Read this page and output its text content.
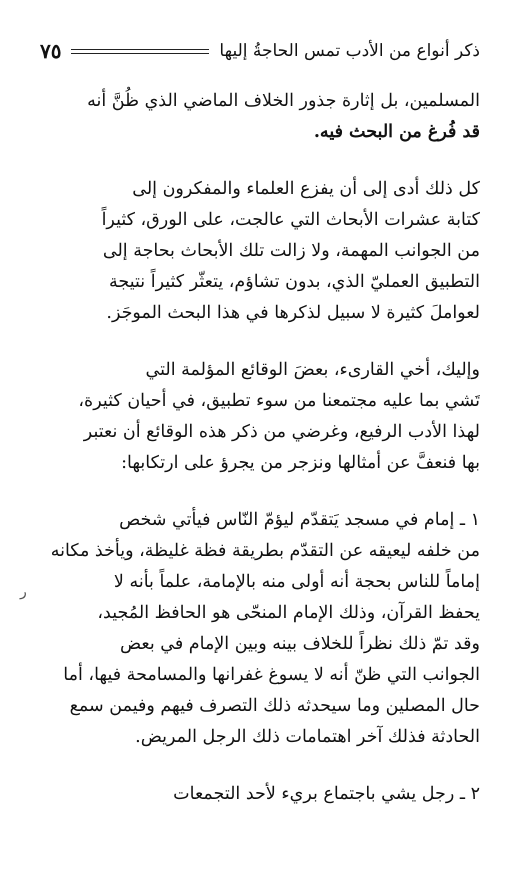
ذكر أنواع من الأدب تمس الحاجةُ إليها
٧٥
المسلمين، بل إثارة جذور الخلاف الماضي الذي ظُنَّ أنه
قد فُرغ من البحث فيه.
كل ذلك أدى إلى أن يفزع العلماء والمفكرون إلى
كتابة عشرات الأبحاث التي عالجت، على الورق، كثيراً
من الجوانب المهمة، ولا زالت تلك الأبحاث بحاجة إلى
التطبيق العمليّ الذي، بدون تشاؤم، يتعثّر كثيراً نتيجة
لعواملَ كثيرة لا سبيل لذكرها في هذا البحث الموجَز.
وإليك، أخي القارىء، بعضَ الوقائع المؤلمة التي
تَشي بما عليه مجتمعنا من سوء تطبيق، في أحيان كثيرة،
لهذا الأدب الرفيع، وغرضي من ذكر هذه الوقائع أن نعتبر
بها فنعفَّ عن أمثالها ونزجر من يجرؤ على ارتكابها:
١ ـ إمام في مسجد يَتقدّم ليؤمّ النّاس فيأتي شخص
من خلفه ليعيقه عن التقدّم بطريقة فظة غليظة، ويأخذ مكانه
إماماً للناس بحجة أنه أولى منه بالإمامة، علماً بأنه لا
يحفظ القرآن، وذلك الإمام المنحّى هو الحافظ المُجيد،
وقد تمّ ذلك نظراً للخلاف بينه وبين الإمام في بعض
الجوانب التي ظنّ أنه لا يسوغ غفرانها والمسامحة فيها، أما
حال المصلين وما سيحدثه ذلك التصرف فيهم وفيمن سمع
الحادثة فذلك آخر اهتمامات ذلك الرجل المريض.
٢ ـ رجل يشي باجتماع بريء لأحد التجمعات
ر
